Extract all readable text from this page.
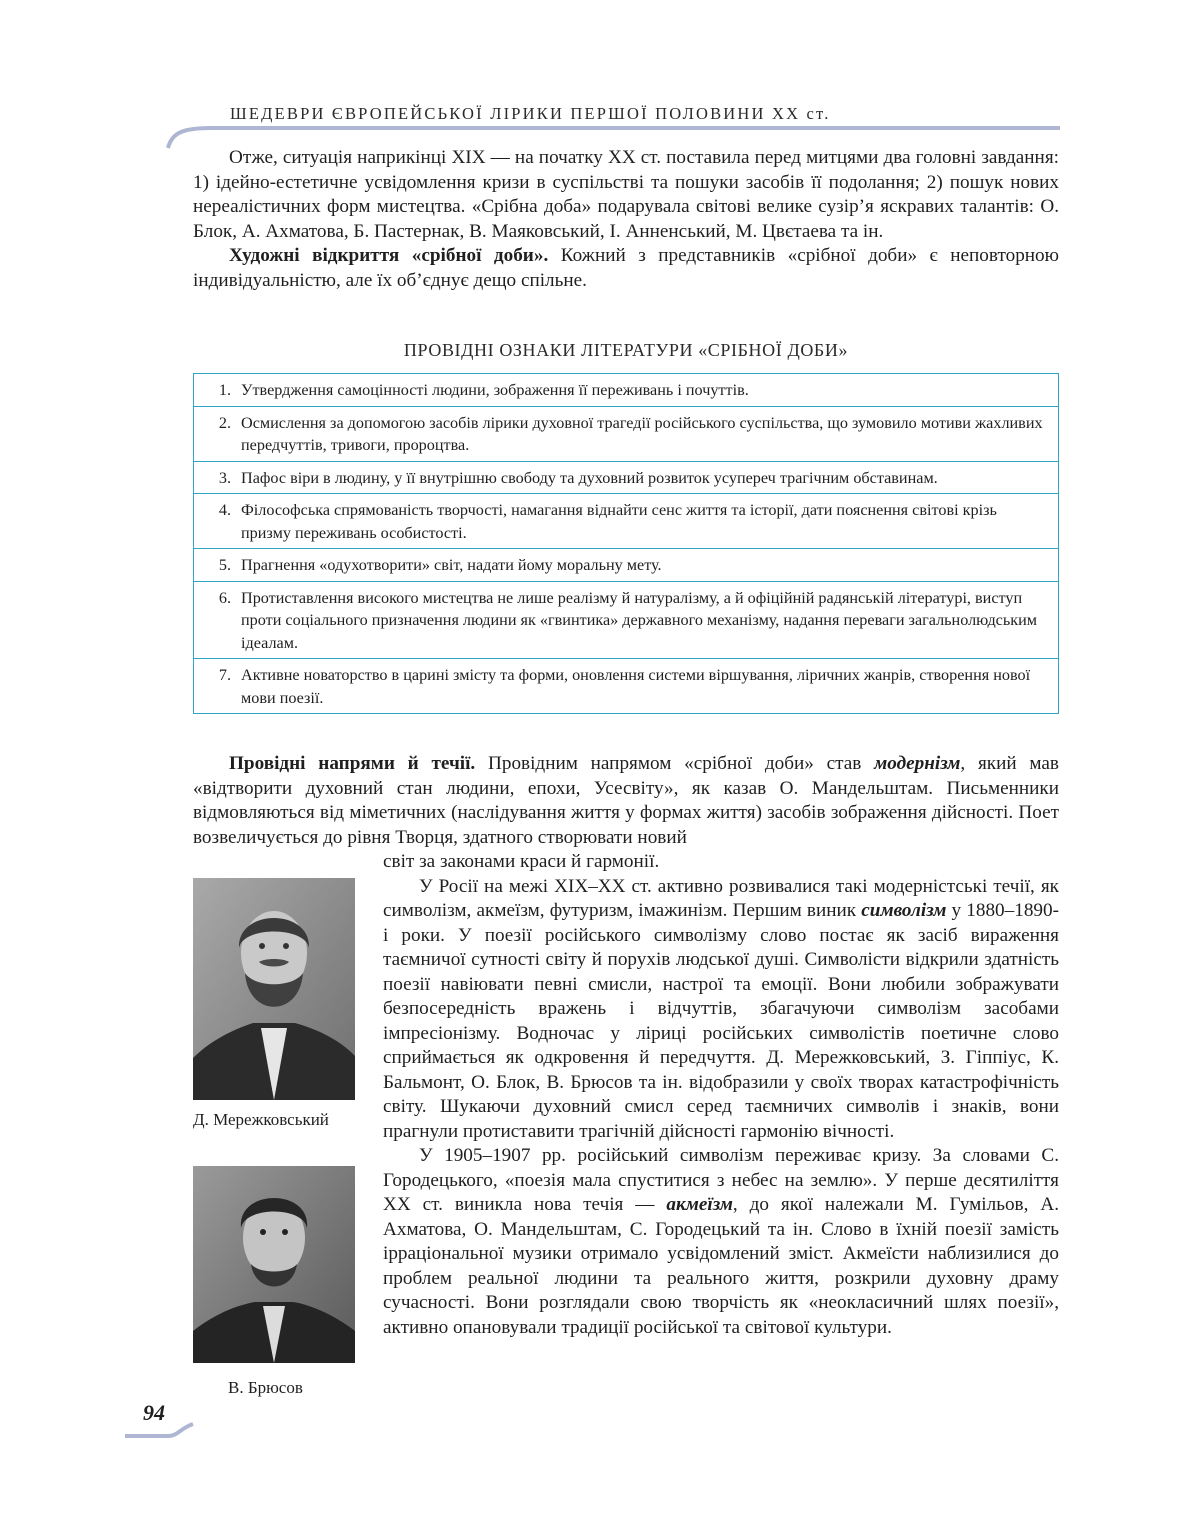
ШЕДЕВРИ ЄВРОПЕЙСЬКОЇ ЛІРИКИ ПЕРШОЇ ПОЛОВИНИ ХХ ст.

Отже, ситуація наприкінці ХІХ — на початку ХХ ст. поставила перед митцями два головні завдання: 1) ідейно-естетичне усвідомлення кризи в суспільстві та пошуки засобів її подолання; 2) пошук нових нереалістичних форм мистецтва. «Срібна доба» подарувала світові велике сузір’я яскравих талантів: О. Блок, А. Ахматова, Б. Пастернак, В. Маяковський, І. Анненський, М. Цвєтаева та ін.

Художні відкриття «срібної доби». Кожний з представників «срібної доби» є неповторною індивідуальністю, але їх об’єднує дещо спільне.

ПРОВІДНІ ОЗНАКИ ЛІТЕРАТУРИ «СРІБНОЇ ДОБИ»
1. Утвердження самоцінності людини, зображення її переживань і почуттів.
2. Осмислення за допомогою засобів лірики духовної трагедії російського суспільства, що зумовило мотиви жахливих передчуттів, тривоги, пророцтва.
3. Пафос віри в людину, у її внутрішню свободу та духовний розвиток усупереч трагічним обставинам.
4. Філософська спрямованість творчості, намагання віднайти сенс життя та історії, дати пояснення світові крізь призму переживань особистості.
5. Прагнення «одухотворити» світ, надати йому моральну мету.
6. Протиставлення високого мистецтва не лише реалізму й натуралізму, а й офіційній радянській літературі, виступ проти соціального призначення людини як «гвинтика» державного механізму, надання переваги загальнолюдським ідеалам.
7. Активне новаторство в царині змісту та форми, оновлення системи віршування, ліричних жанрів, створення нової мови поезії.

Провідні напрями й течії. Провідним напрямом «срібної доби» став модернізм, який мав «відтворити духовний стан людини, епохи, Усесвіту», як казав О. Мандельштам. Письменники відмовляються від міметичних (наслідування життя у формах життя) засобів зображення дійсності. Поет возвеличується до рівня Творця, здатного створювати новий

Д. Мережковський
В. Брюсов

світ за законами краси й гармонії.

У Росії на межі ХІХ–ХХ ст. активно розвивалися такі модерністські течії, як символізм, акмеїзм, футуризм, імажинізм. Першим виник символізм у 1880–1890-і роки. У поезії російського символізму слово постає як засіб вираження таємничої сутності світу й порухів людської душі. Символісти відкрили здатність поезії навіювати певні смисли, настрої та емоції. Вони любили зображувати безпосередність вражень і відчуттів, збагачуючи символізм засобами імпресіонізму. Водночас у ліриці російських символістів поетичне слово сприймається як одкровення й передчуття. Д. Мережковський, З. Гіппіус, К. Бальмонт, О. Блок, В. Брюсов та ін. відобразили у своїх творах катастрофічність світу. Шукаючи духовний смисл серед таємничих символів і знаків, вони прагнули протиставити трагічній дійсності гармонію вічності.

У 1905–1907 рр. російський символізм переживає кризу. За словами С. Городецького, «поезія мала спуститися з небес на землю». У перше десятиліття ХХ ст. виникла нова течія — акмеїзм, до якої належали М. Гумільов, А. Ахматова, О. Мандельштам, С. Городецький та ін. Слово в їхній поезії замість ірраціональної музики отримало усвідомлений зміст. Акмеїсти наблизилися до проблем реальної людини та реального життя, розкрили духовну драму сучасності. Вони розглядали свою творчість як «неокласичний шлях поезії», активно опановували традиції російської та світової культури.

94
